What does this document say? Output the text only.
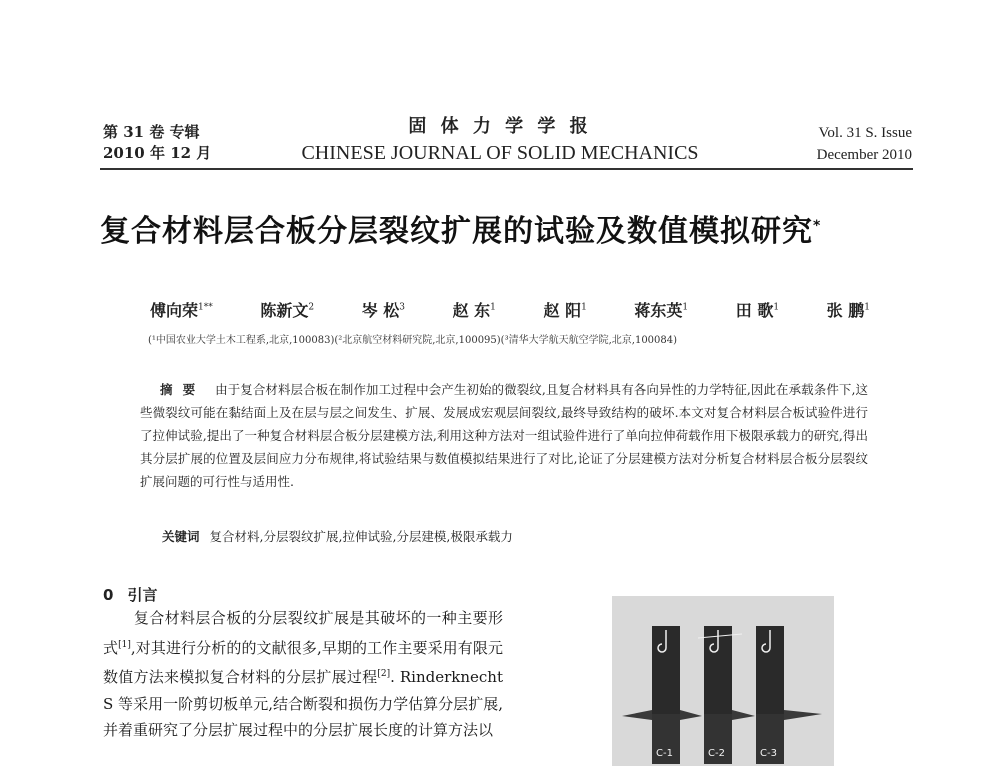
第 31 卷 专辑
2010 年 12 月
固 体 力 学 学 报
CHINESE JOURNAL OF SOLID MECHANICS
Vol. 31 S. Issue
December 2010
复合材料层合板分层裂纹扩展的试验及数值模拟研究*
傅向荣$^{1**}$	陈新文$^2$	岑 松$^3$	赵 东$^1$	赵 阳$^1$	蒋东英$^1$	田 歌$^1$	张 鹏$^1$
(¹中国农业大学土木工程系,北京,100083)(²北京航空材料研究院,北京,100095)(³清华大学航天航空学院,北京,100084)
摘要 由于复合材料层合板在制作加工过程中会产生初始的微裂纹,且复合材料具有各向异性的力学特征,因此在承载条件下,这些微裂纹可能在黏结面上及在层与层之间发生、扩展、发展成宏观层间裂纹,最终导致结构的破坏.本文对复合材料层合板试验件进行了拉伸试验,提出了一种复合材料层合板分层建模方法,利用这种方法对一组试验件进行了单向拉伸荷载作用下极限承载力的研究,得出其分层扩展的位置及层间应力分布规律,将试验结果与数值模拟结果进行了对比,论证了分层建模方法对分析复合材料层合板分层裂纹扩展问题的可行性与适用性.
关键词 复合材料,分层裂纹扩展,拉伸试验,分层建模,极限承载力
0 引言
　　复合材料层合板的分层裂纹扩展是其破坏的一种主要形式[1],对其进行分析的的文献很多,早期的工作主要采用有限元数值方法来模拟复合材料的分层扩展过程[2]. Rinderknecht S 等采用一阶剪切板单元,结合断裂和损伤力学估算分层扩展,并着重研究了分层扩展过程中的分层扩展长度的计算方法以
C-1	C-2	C-3
